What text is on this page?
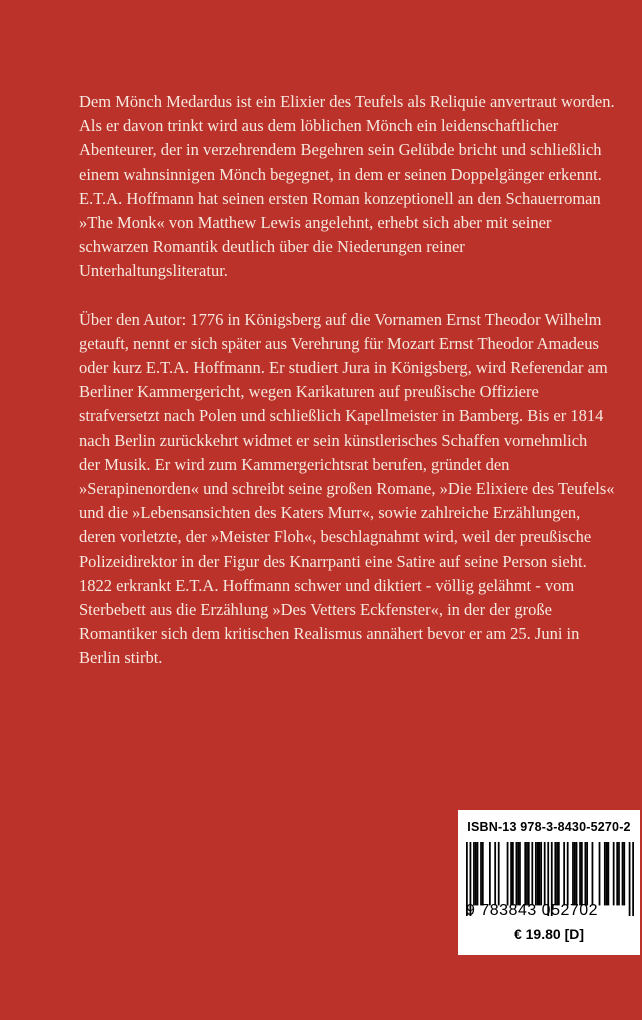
Dem Mönch Medardus ist ein Elixier des Teufels als Reliquie anvertraut worden.
Als er davon trinkt wird aus dem löblichen Mönch ein leidenschaftlicher
Abenteurer, der in verzehrendem Begehren sein Gelübde bricht und schließlich
einem wahnsinnigen Mönch begegnet, in dem er seinen Doppelgänger erkennt.
E.T.A. Hoffmann hat seinen ersten Roman konzeptionell an den Schauerroman
»The Monk« von Matthew Lewis angelehnt, erhebt sich aber mit seiner
schwarzen Romantik deutlich über die Niederungen reiner
Unterhaltungsliteratur.

Über den Autor: 1776 in Königsberg auf die Vornamen Ernst Theodor Wilhelm
getauft, nennt er sich später aus Verehrung für Mozart Ernst Theodor Amadeus
oder kurz E.T.A. Hoffmann. Er studiert Jura in Königsberg, wird Referendar am
Berliner Kammergericht, wegen Karikaturen auf preußische Offiziere
strafversetzt nach Polen und schließlich Kapellmeister in Bamberg. Bis er 1814
nach Berlin zurückkehrt widmet er sein künstlerisches Schaffen vornehmlich
der Musik. Er wird zum Kammergerichtsrat berufen, gründet den
»Serapinenorden« und schreibt seine großen Romane, »Die Elixiere des Teufels«
und die »Lebensansichten des Katers Murr«, sowie zahlreiche Erzählungen,
deren vorletzte, der »Meister Floh«, beschlagnahmt wird, weil der preußische
Polizeidirektor in der Figur des Knarrpanti eine Satire auf seine Person sieht.
1822 erkrankt E.T.A. Hoffmann schwer und diktiert - völlig gelähmt - vom
Sterbebett aus die Erzählung »Des Vetters Eckfenster«, in der der große
Romantiker sich dem kritischen Realismus annähert bevor er am 25. Juni in
Berlin stirbt.

ISBN-13 978-3-8430-5270-2
9 783843 052702
€ 19.80 [D]
